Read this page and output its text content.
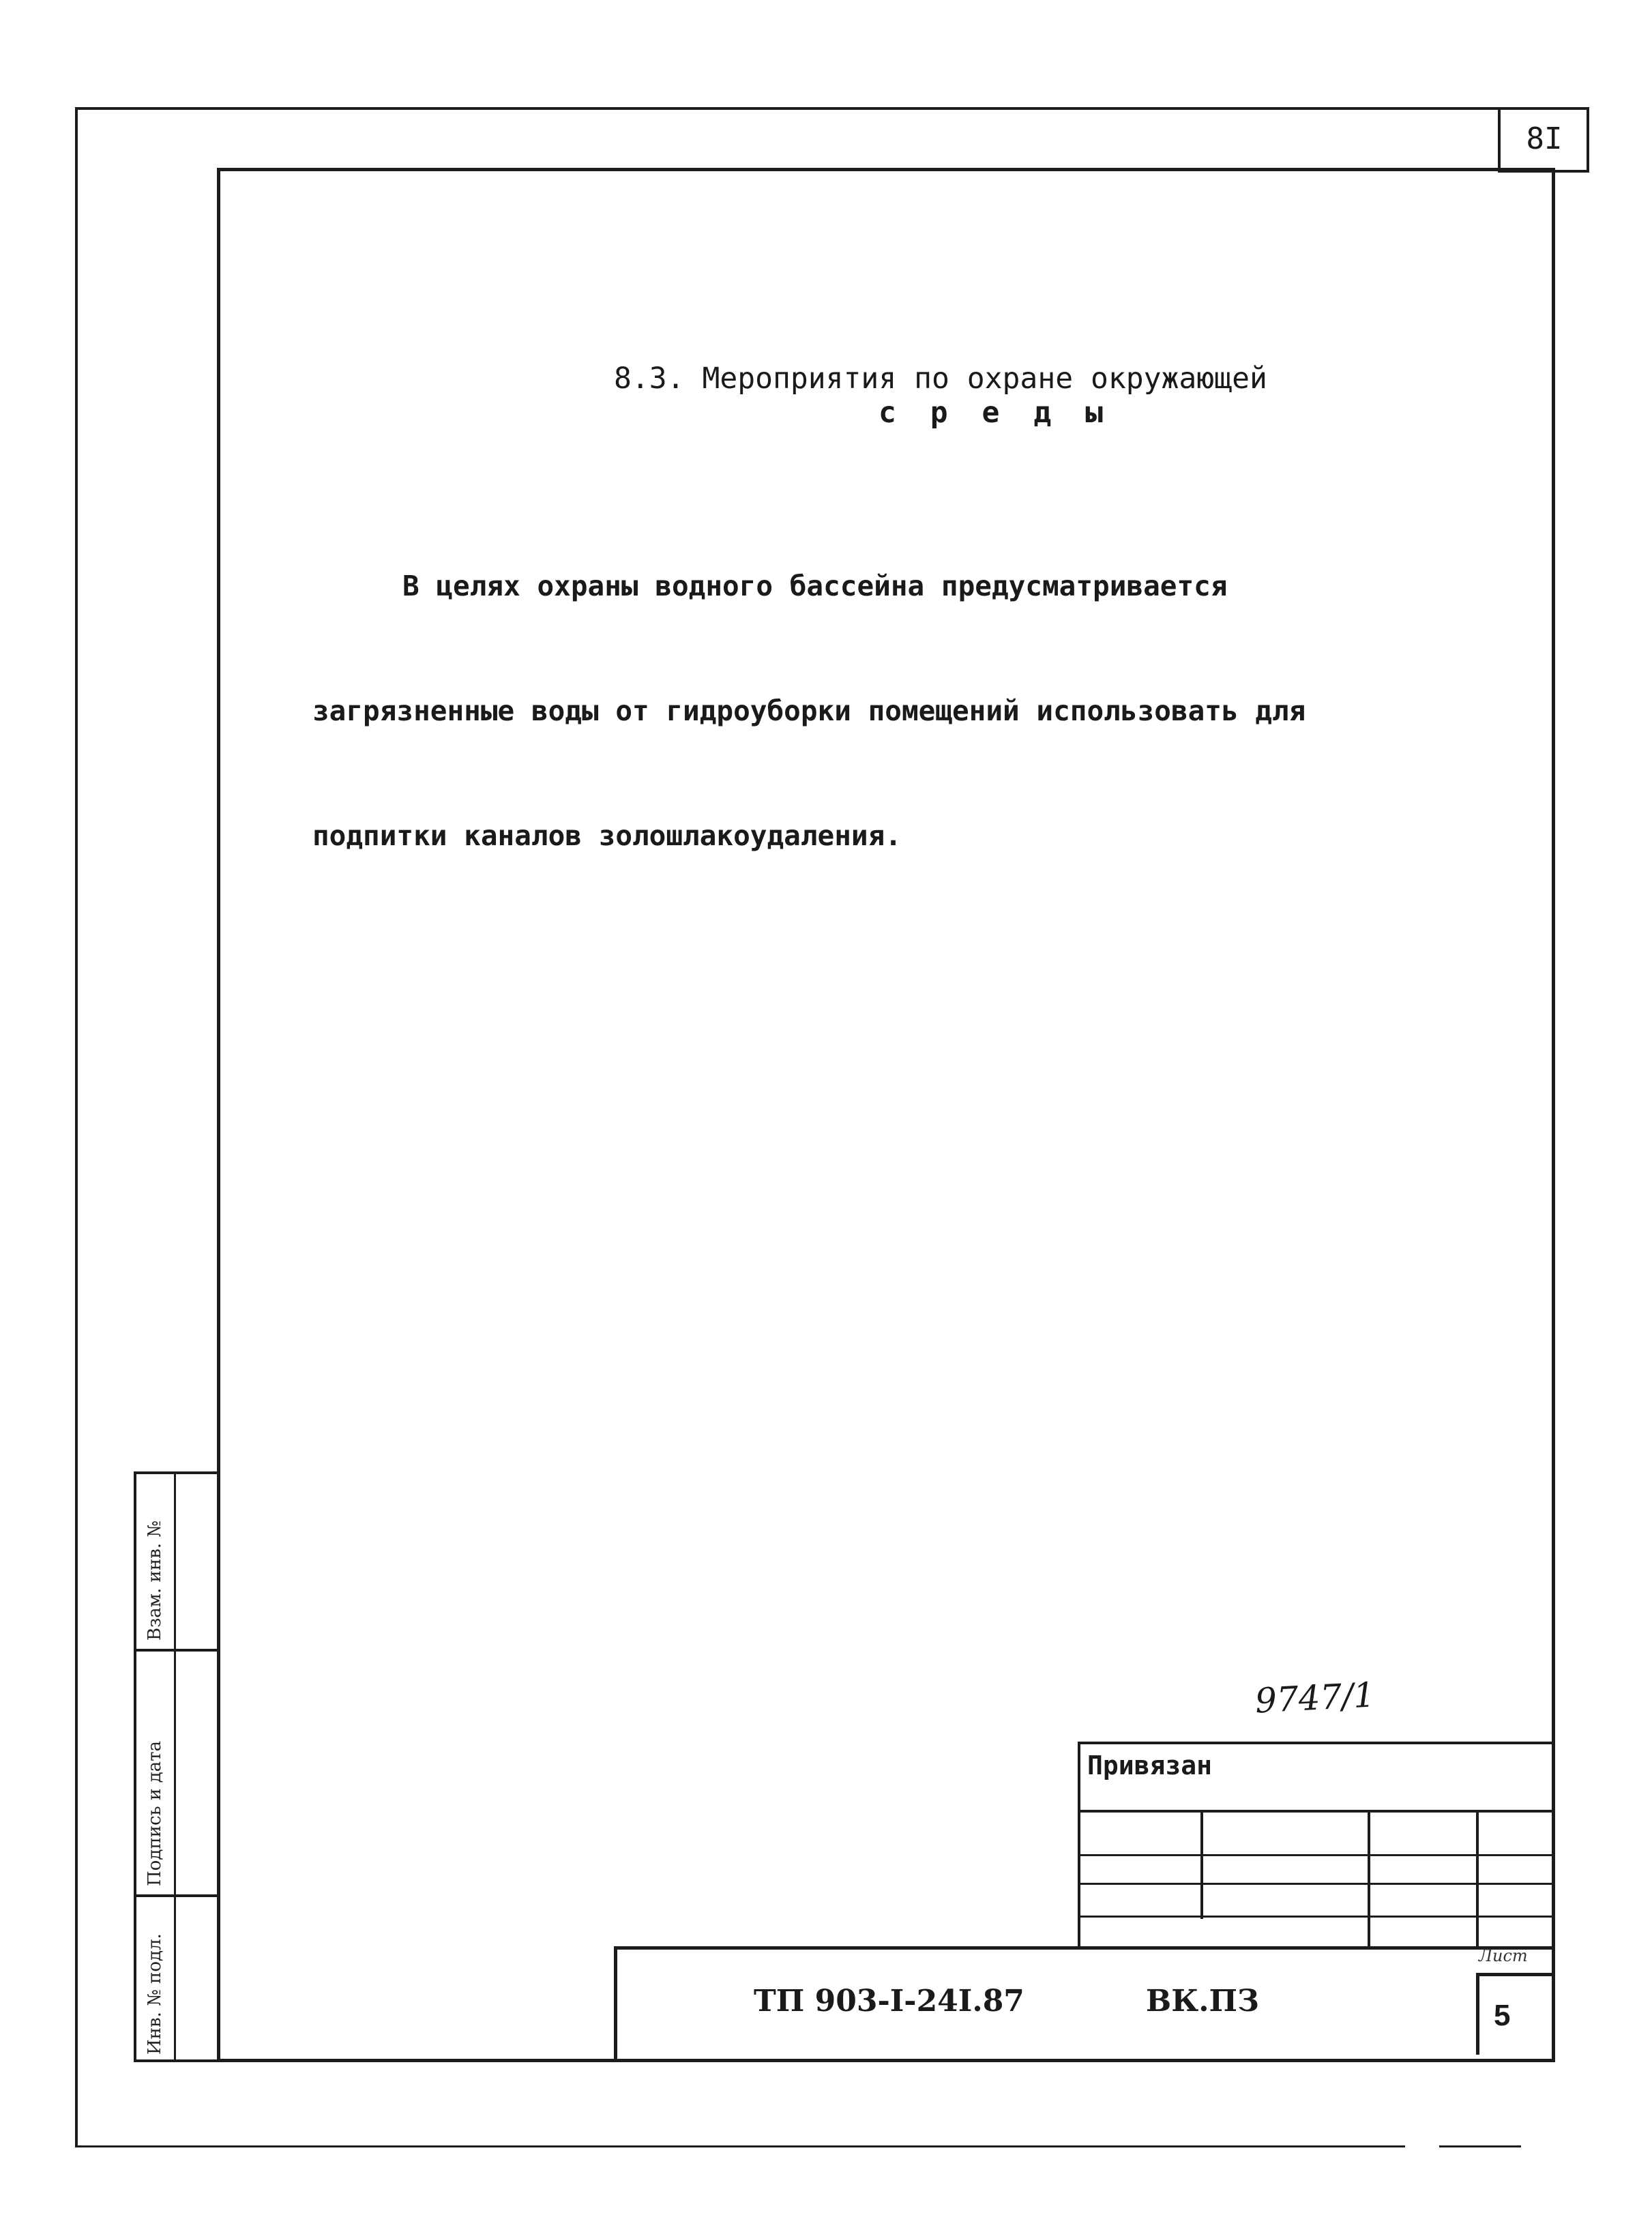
8I
8.3. Мероприятия по охране окружающей
с р е д ы

В целях охраны водного бассейна предусматривается

загрязненные воды от гидроуборки помещений использовать для

подпитки каналов золошлакоудаления.

Взам. инв. №
Подпись и дата
Инв. № подл.
9747/1
Привязан
ТП 903-I-24I.87	ВК.ПЗ
Лист
5
